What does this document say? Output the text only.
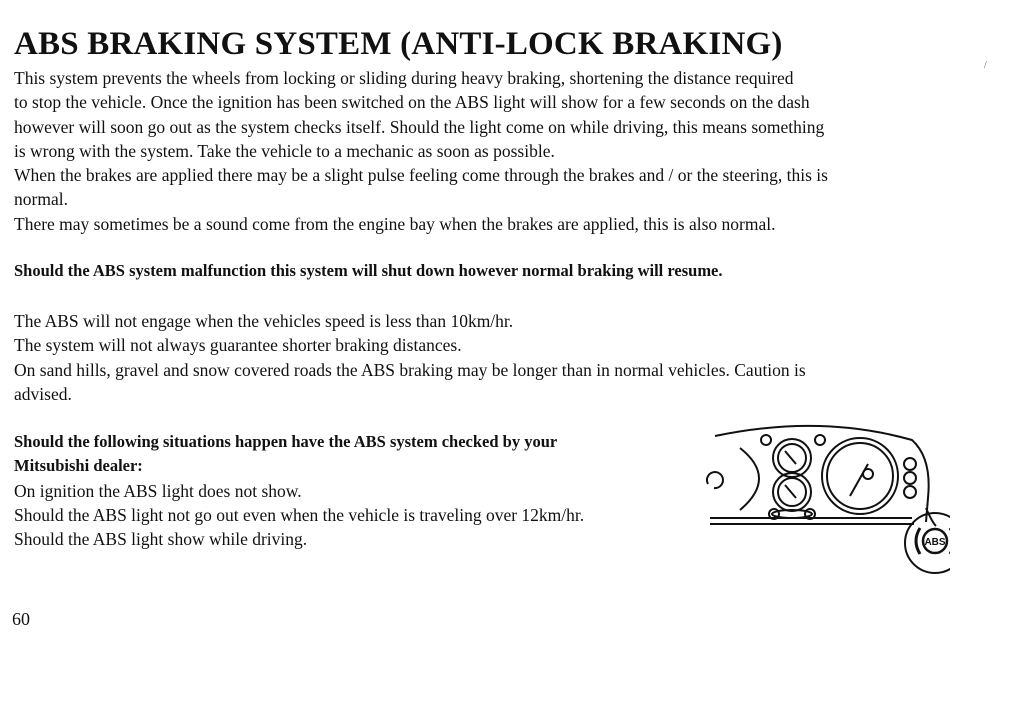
ABS BRAKING SYSTEM (ANTI-LOCK BRAKING)
/

This system prevents the wheels from locking or sliding during heavy braking, shortening the distance required
to stop the vehicle. Once the ignition has been switched on the ABS light will show for a few seconds on the dash
however will soon go out as the system checks itself. Should the light come on while driving, this means something
is wrong with the system. Take the vehicle to a mechanic as soon as possible.

When the brakes are applied there may be a slight pulse feeling come through the brakes and / or the steering, this is
normal.

There may sometimes be a sound come from the engine bay when the brakes are applied, this is also normal.

Should the ABS system malfunction this system will shut down however normal braking will resume.

The ABS will not engage when the vehicles speed is less than 10km/hr.
The system will not always guarantee shorter braking distances.
On sand hills, gravel and snow covered roads the ABS braking may be longer than in normal vehicles. Caution is
advised.

Should the following situations happen have the ABS system checked by your
Mitsubishi dealer:
On ignition the ABS light does not show.
Should the ABS light not go out even when the vehicle is traveling over 12km/hr.
Should the ABS light show while driving.	ABS
60
